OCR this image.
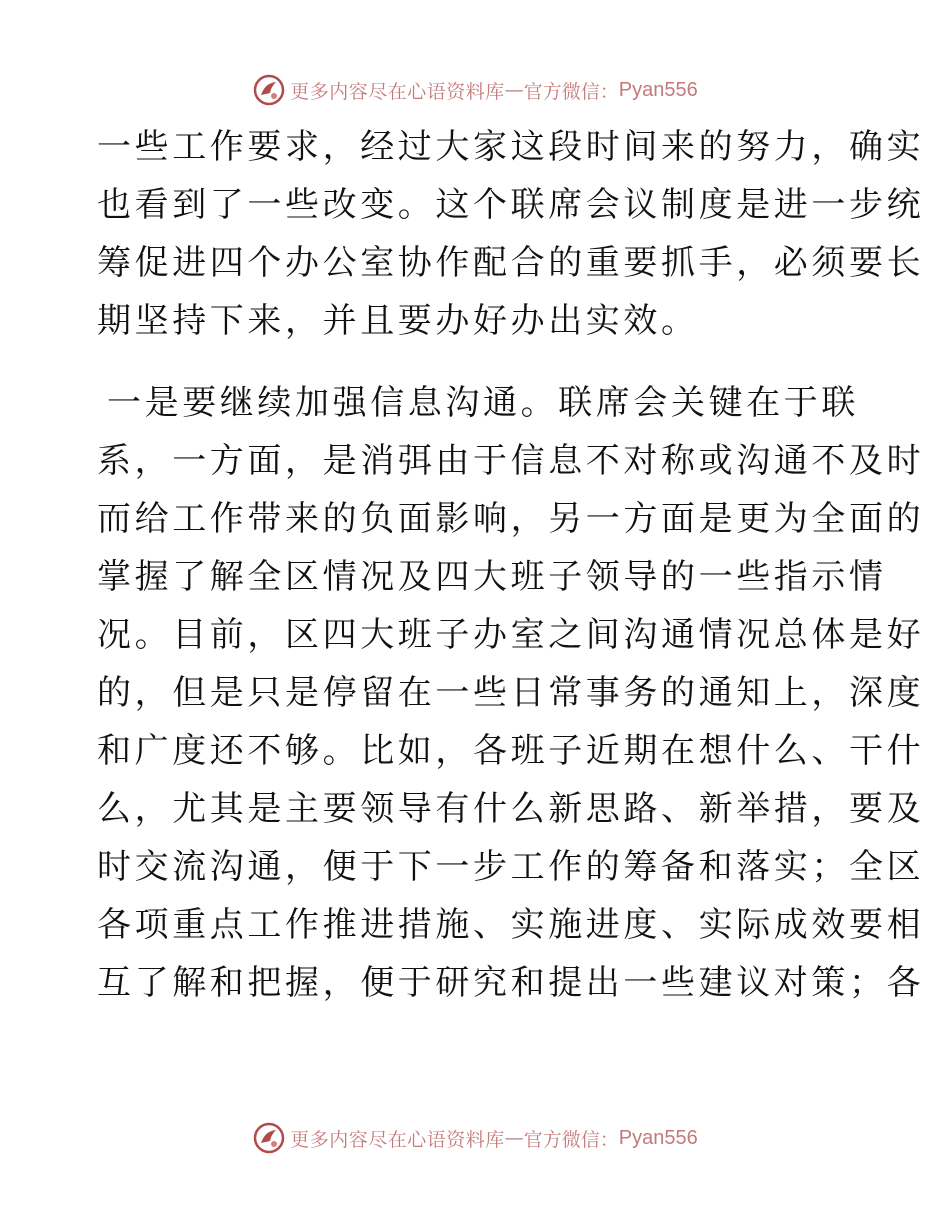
更多内容尽在心语资料库 — 官方微信： Pyan556
一些工作要求，经过大家这段时间来的努力，确实
也看到了一些改变。这个联席会议制度是进一步统
筹促进四个办公室协作配合的重要抓手，必须要长
期坚持下来，并且要办好办出实效。
一是要继续加强信息沟通。联席会关键在于联
系，一方面，是消弭由于信息不对称或沟通不及时
而给工作带来的负面影响，另一方面是更为全面的
掌握了解全区情况及四大班子领导的一些指示情
况。目前，区四大班子办室之间沟通情况总体是好
的，但是只是停留在一些日常事务的通知上，深度
和广度还不够。比如，各班子近期在想什么、干什
么，尤其是主要领导有什么新思路、新举措，要及
时交流沟通，便于下一步工作的筹备和落实；全区
各项重点工作推进措施、实施进度、实际成效要相
互了解和把握，便于研究和提出一些建议对策；各
更多内容尽在心语资料库 — 官方微信： Pyan556
